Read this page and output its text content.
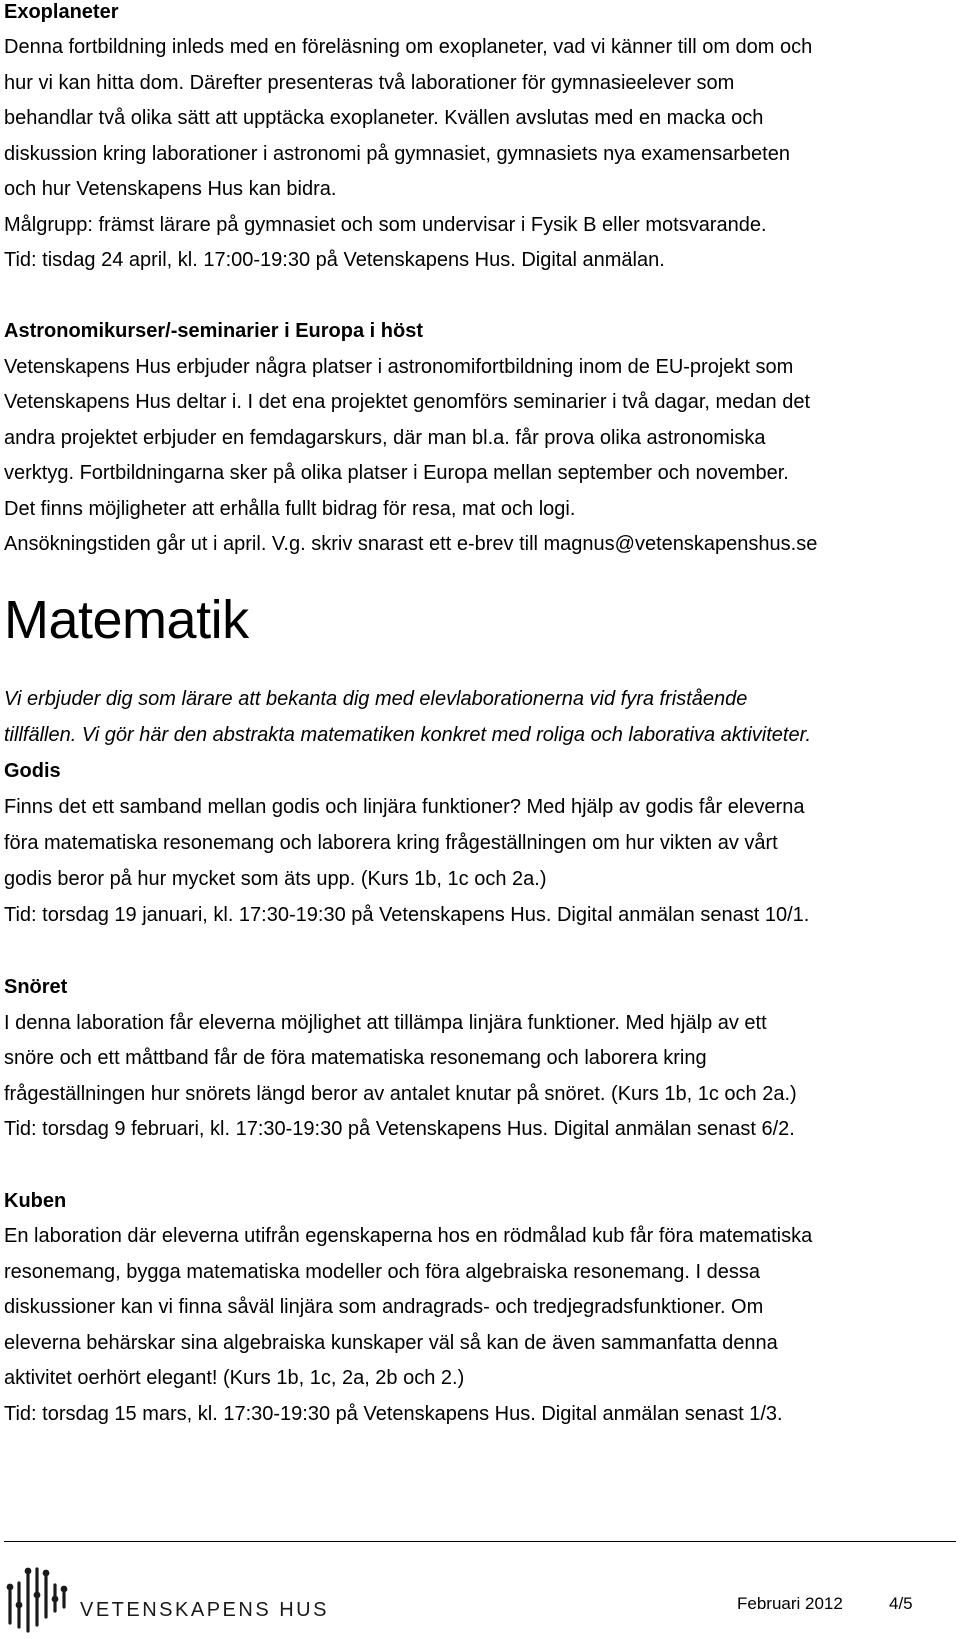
Exoplaneter
Denna fortbildning inleds med en föreläsning om exoplaneter, vad vi känner till om dom och
hur vi kan hitta dom. Därefter presenteras två laborationer för gymnasieelever som
behandlar två olika sätt att upptäcka exoplaneter. Kvällen avslutas med en macka och
diskussion kring laborationer i astronomi på gymnasiet, gymnasiets nya examensarbeten
och hur Vetenskapens Hus kan bidra.
Målgrupp: främst lärare på gymnasiet och som undervisar i Fysik B eller motsvarande.
Tid: tisdag 24 april, kl. 17:00-19:30 på Vetenskapens Hus. Digital anmälan.
Astronomikurser/-seminarier i Europa i höst
Vetenskapens Hus erbjuder några platser i astronomifortbildning inom de EU-projekt som
Vetenskapens Hus deltar i. I det ena projektet genomförs seminarier i två dagar, medan det
andra projektet erbjuder en femdagarskurs, där man bl.a. får prova olika astronomiska
verktyg. Fortbildningarna sker på olika platser i Europa mellan september och november.
Det finns möjligheter att erhålla fullt bidrag för resa, mat och logi.
Ansökningstiden går ut i april. V.g. skriv snarast ett e-brev till magnus@vetenskapenshus.se
Matematik
Vi erbjuder dig som lärare att bekanta dig med elevlaborationerna vid fyra fristående
tillfällen. Vi gör här den abstrakta matematiken konkret med roliga och laborativa aktiviteter.
Godis
Finns det ett samband mellan godis och linjära funktioner? Med hjälp av godis får eleverna
föra matematiska resonemang och laborera kring frågeställningen om hur vikten av vårt
godis beror på hur mycket som äts upp. (Kurs 1b, 1c och 2a.)
Tid: torsdag 19 januari, kl. 17:30-19:30 på Vetenskapens Hus. Digital anmälan senast 10/1.
Snöret
I denna laboration får eleverna möjlighet att tillämpa linjära funktioner. Med hjälp av ett
snöre och ett måttband får de föra matematiska resonemang och laborera kring
frågeställningen hur snörets längd beror av antalet knutar på snöret. (Kurs 1b, 1c och 2a.)
Tid: torsdag 9 februari, kl. 17:30-19:30 på Vetenskapens Hus. Digital anmälan senast 6/2.
Kuben
En laboration där eleverna utifrån egenskaperna hos en rödmålad kub får föra matematiska
resonemang, bygga matematiska modeller och föra algebraiska resonemang. I dessa
diskussioner kan vi finna såväl linjära som andragrads- och tredjegradsfunktioner. Om
eleverna behärskar sina algebraiska kunskaper väl så kan de även sammanfatta denna
aktivitet oerhört elegant! (Kurs 1b, 1c, 2a, 2b och 2.)
Tid: torsdag 15 mars, kl. 17:30-19:30 på Vetenskapens Hus. Digital anmälan senast 1/3.
VETENSKAPENS HUS	Februari 2012	4/5
